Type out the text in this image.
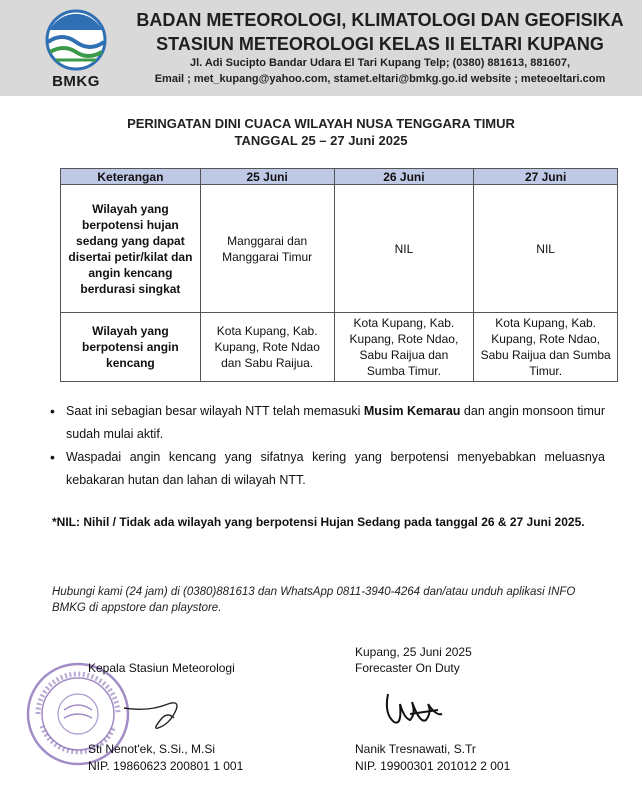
BMKG
BADAN METEOROLOGI, KLIMATOLOGI DAN GEOFISIKA
STASIUN METEOROLOGI KELAS II ELTARI KUPANG
Jl. Adi Sucipto Bandar Udara El Tari Kupang Telp; (0380) 881613, 881607,
Email ; met_kupang@yahoo.com, stamet.eltari@bmkg.go.id website ; meteoeltari.com
PERINGATAN DINI CUACA WILAYAH NUSA TENGGARA TIMUR
TANGGAL 25 – 27 Juni 2025
Keterangan	25 Juni	26 Juni	27 Juni
Wilayah yang berpotensi hujan sedang yang dapat disertai petir/kilat dan angin kencang berdurasi singkat	Manggarai dan Manggarai Timur	NIL	NIL
Wilayah yang berpotensi angin kencang	Kota Kupang, Kab. Kupang, Rote Ndao dan Sabu Raijua.	Kota Kupang, Kab. Kupang, Rote Ndao, Sabu Raijua dan Sumba Timur.	Kota Kupang, Kab. Kupang, Rote Ndao, Sabu Raijua dan Sumba Timur.
• Saat ini sebagian besar wilayah NTT telah memasuki Musim Kemarau dan angin monsoon timur sudah mulai aktif.
• Waspadai angin kencang yang sifatnya kering yang berpotensi menyebabkan meluasnya kebakaran hutan dan lahan di wilayah NTT.
*NIL: Nihil / Tidak ada wilayah yang berpotensi Hujan Sedang pada tanggal 26 & 27 Juni 2025.
Hubungi kami (24 jam) di (0380)881613 dan WhatsApp 0811-3940-4264 dan/atau unduh aplikasi INFO BMKG di appstore dan playstore.
Kepala Stasiun Meteorologi
Kupang, 25 Juni 2025
Forecaster On Duty
Sti Nenot'ek, S.Si., M.Si
NIP. 19860623 200801 1 001
Nanik Tresnawati, S.Tr
NIP. 19900301 201012 2 001
